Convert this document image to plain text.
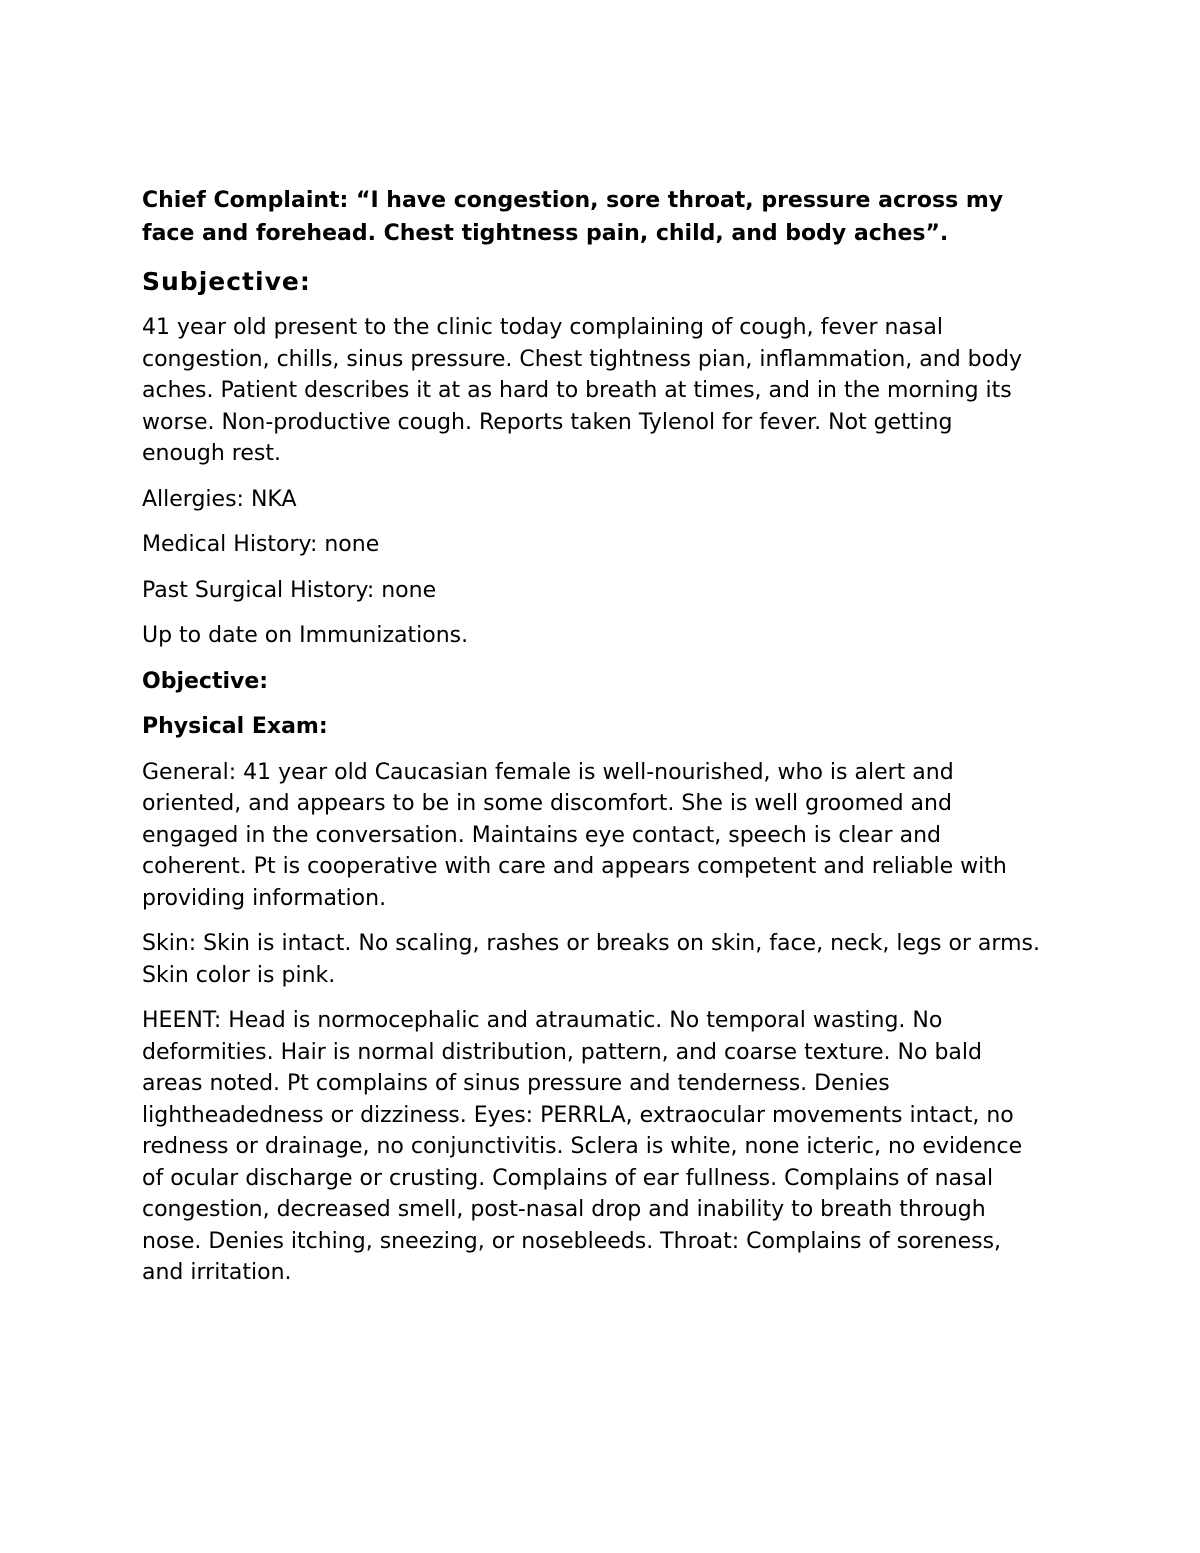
Chief Complaint: “I have congestion, sore throat, pressure across my face and forehead. Chest tightness pain, child, and body aches”.

Subjective:

41 year old present to the clinic today complaining of cough, fever nasal congestion, chills, sinus pressure. Chest tightness pian, inflammation, and body aches. Patient describes it at as hard to breath at times, and in the morning its worse. Non-productive cough. Reports taken Tylenol for fever. Not getting enough rest.

Allergies: NKA

Medical History: none

Past Surgical History: none

Up to date on Immunizations.

Objective:

Physical Exam:

General: 41 year old Caucasian female is well-nourished, who is alert and oriented, and appears to be in some discomfort. She is well groomed and engaged in the conversation. Maintains eye contact, speech is clear and coherent. Pt is cooperative with care and appears competent and reliable with providing information.

Skin: Skin is intact. No scaling, rashes or breaks on skin, face, neck, legs or arms. Skin color is pink.

HEENT: Head is normocephalic and atraumatic. No temporal wasting. No deformities. Hair is normal distribution, pattern, and coarse texture. No bald areas noted. Pt complains of sinus pressure and tenderness. Denies lightheadedness or dizziness. Eyes: PERRLA, extraocular movements intact, no redness or drainage, no conjunctivitis. Sclera is white, none icteric, no evidence of ocular discharge or crusting. Complains of ear fullness. Complains of nasal congestion, decreased smell, post-nasal drop and inability to breath through nose. Denies itching, sneezing, or nosebleeds. Throat: Complains of soreness, and irritation.
